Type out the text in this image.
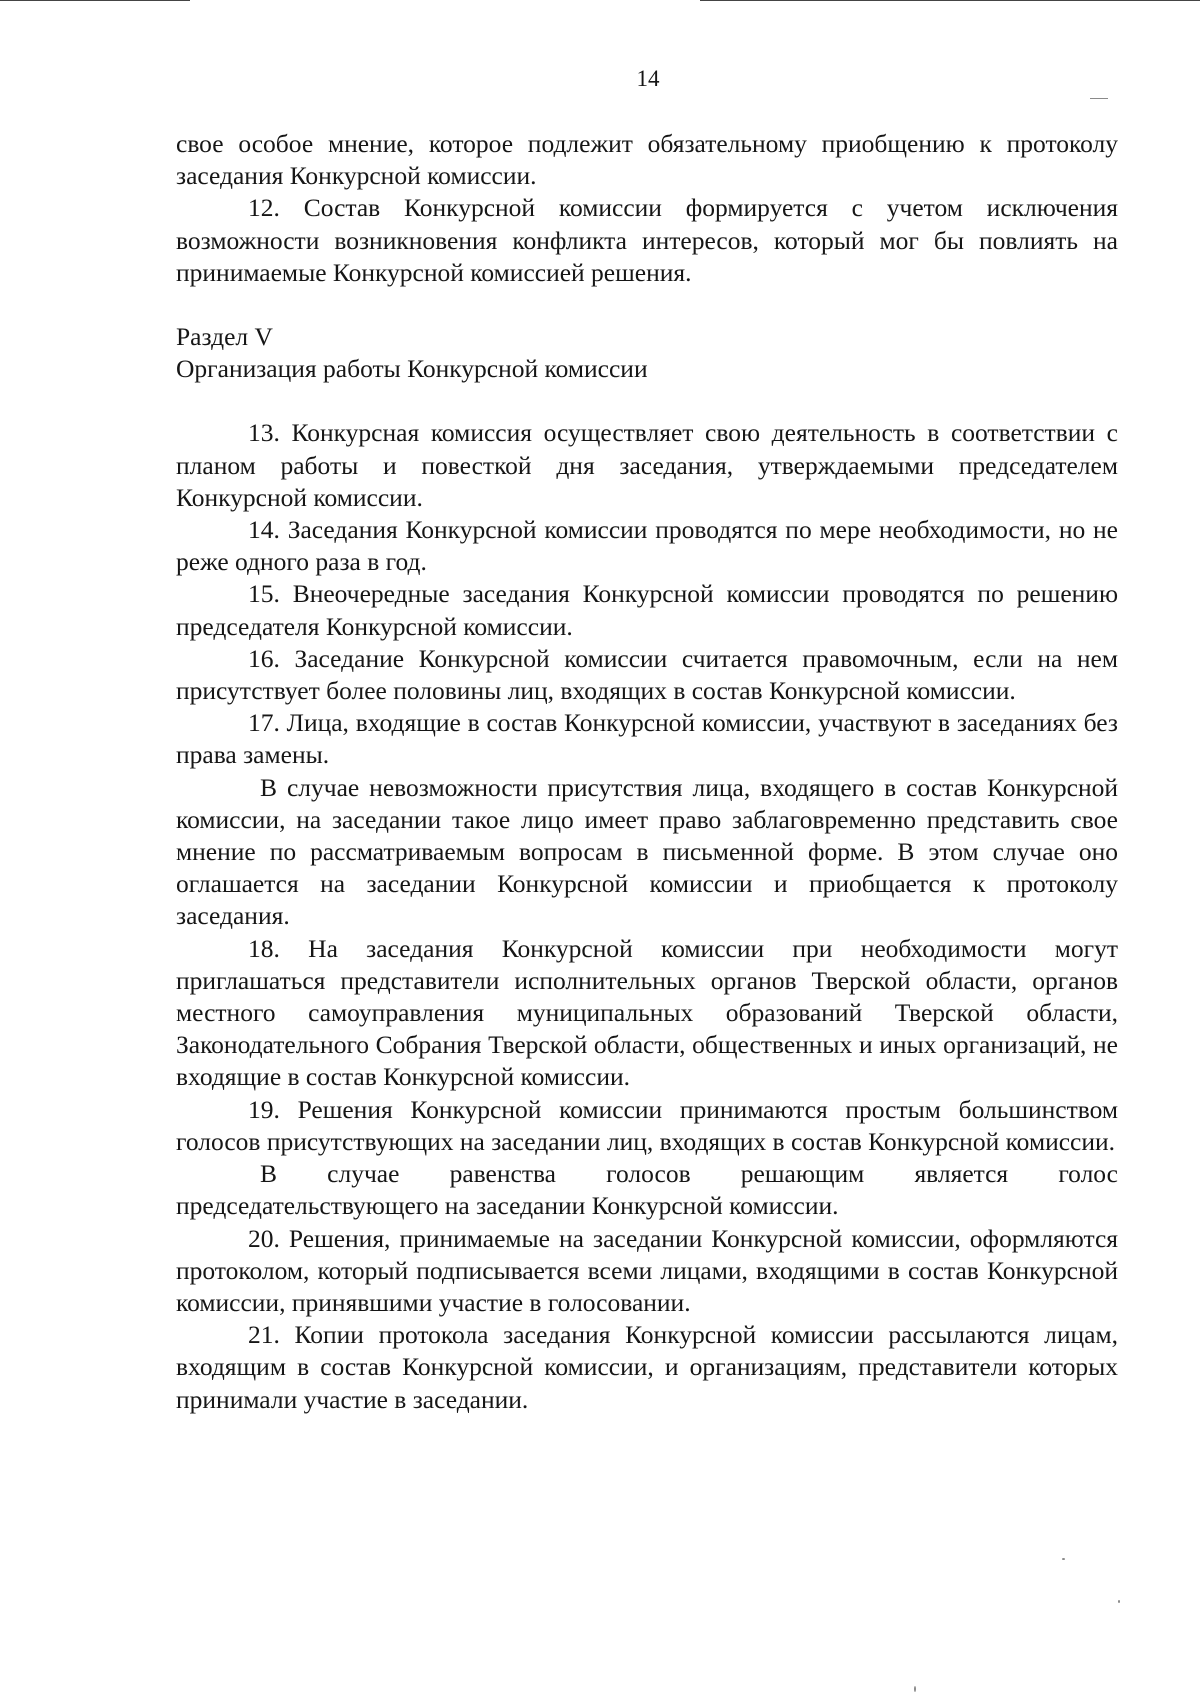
14

свое особое мнение, которое подлежит обязательному приобщению к протоколу заседания Конкурсной комиссии.

12. Состав Конкурсной комиссии формируется с учетом исключения возможности возникновения конфликта интересов, который мог бы повлиять на принимаемые Конкурсной комиссией решения.

Раздел V

Организация работы Конкурсной комиссии

13. Конкурсная комиссия осуществляет свою деятельность в соответствии с планом работы и повесткой дня заседания, утверждаемыми председателем Конкурсной комиссии.

14. Заседания Конкурсной комиссии проводятся по мере необходимости, но не реже одного раза в год.

15. Внеочередные заседания Конкурсной комиссии проводятся по решению председателя Конкурсной комиссии.

16. Заседание Конкурсной комиссии считается правомочным, если на нем присутствует более половины лиц, входящих в состав Конкурсной комиссии.

17. Лица, входящие в состав Конкурсной комиссии, участвуют в заседаниях без права замены.

В случае невозможности присутствия лица, входящего в состав Конкурсной комиссии, на заседании такое лицо имеет право заблаговременно представить свое мнение по рассматриваемым вопросам в письменной форме. В этом случае оно оглашается на заседании Конкурсной комиссии и приобщается к протоколу заседания.

18. На заседания Конкурсной комиссии при необходимости могут приглашаться представители исполнительных органов Тверской области, органов местного самоуправления муниципальных образований Тверской области, Законодательного Собрания Тверской области, общественных и иных организаций, не входящие в состав Конкурсной комиссии.

19. Решения Конкурсной комиссии принимаются простым большинством голосов присутствующих на заседании лиц, входящих в состав Конкурсной комиссии.

В случае равенства голосов решающим является голос председательствующего на заседании Конкурсной комиссии.

20. Решения, принимаемые на заседании Конкурсной комиссии, оформляются протоколом, который подписывается всеми лицами, входящими в состав Конкурсной комиссии, принявшими участие в голосовании.

21. Копии протокола заседания Конкурсной комиссии рассылаются лицам, входящим в состав Конкурсной комиссии, и организациям, представители которых принимали участие в заседании.
